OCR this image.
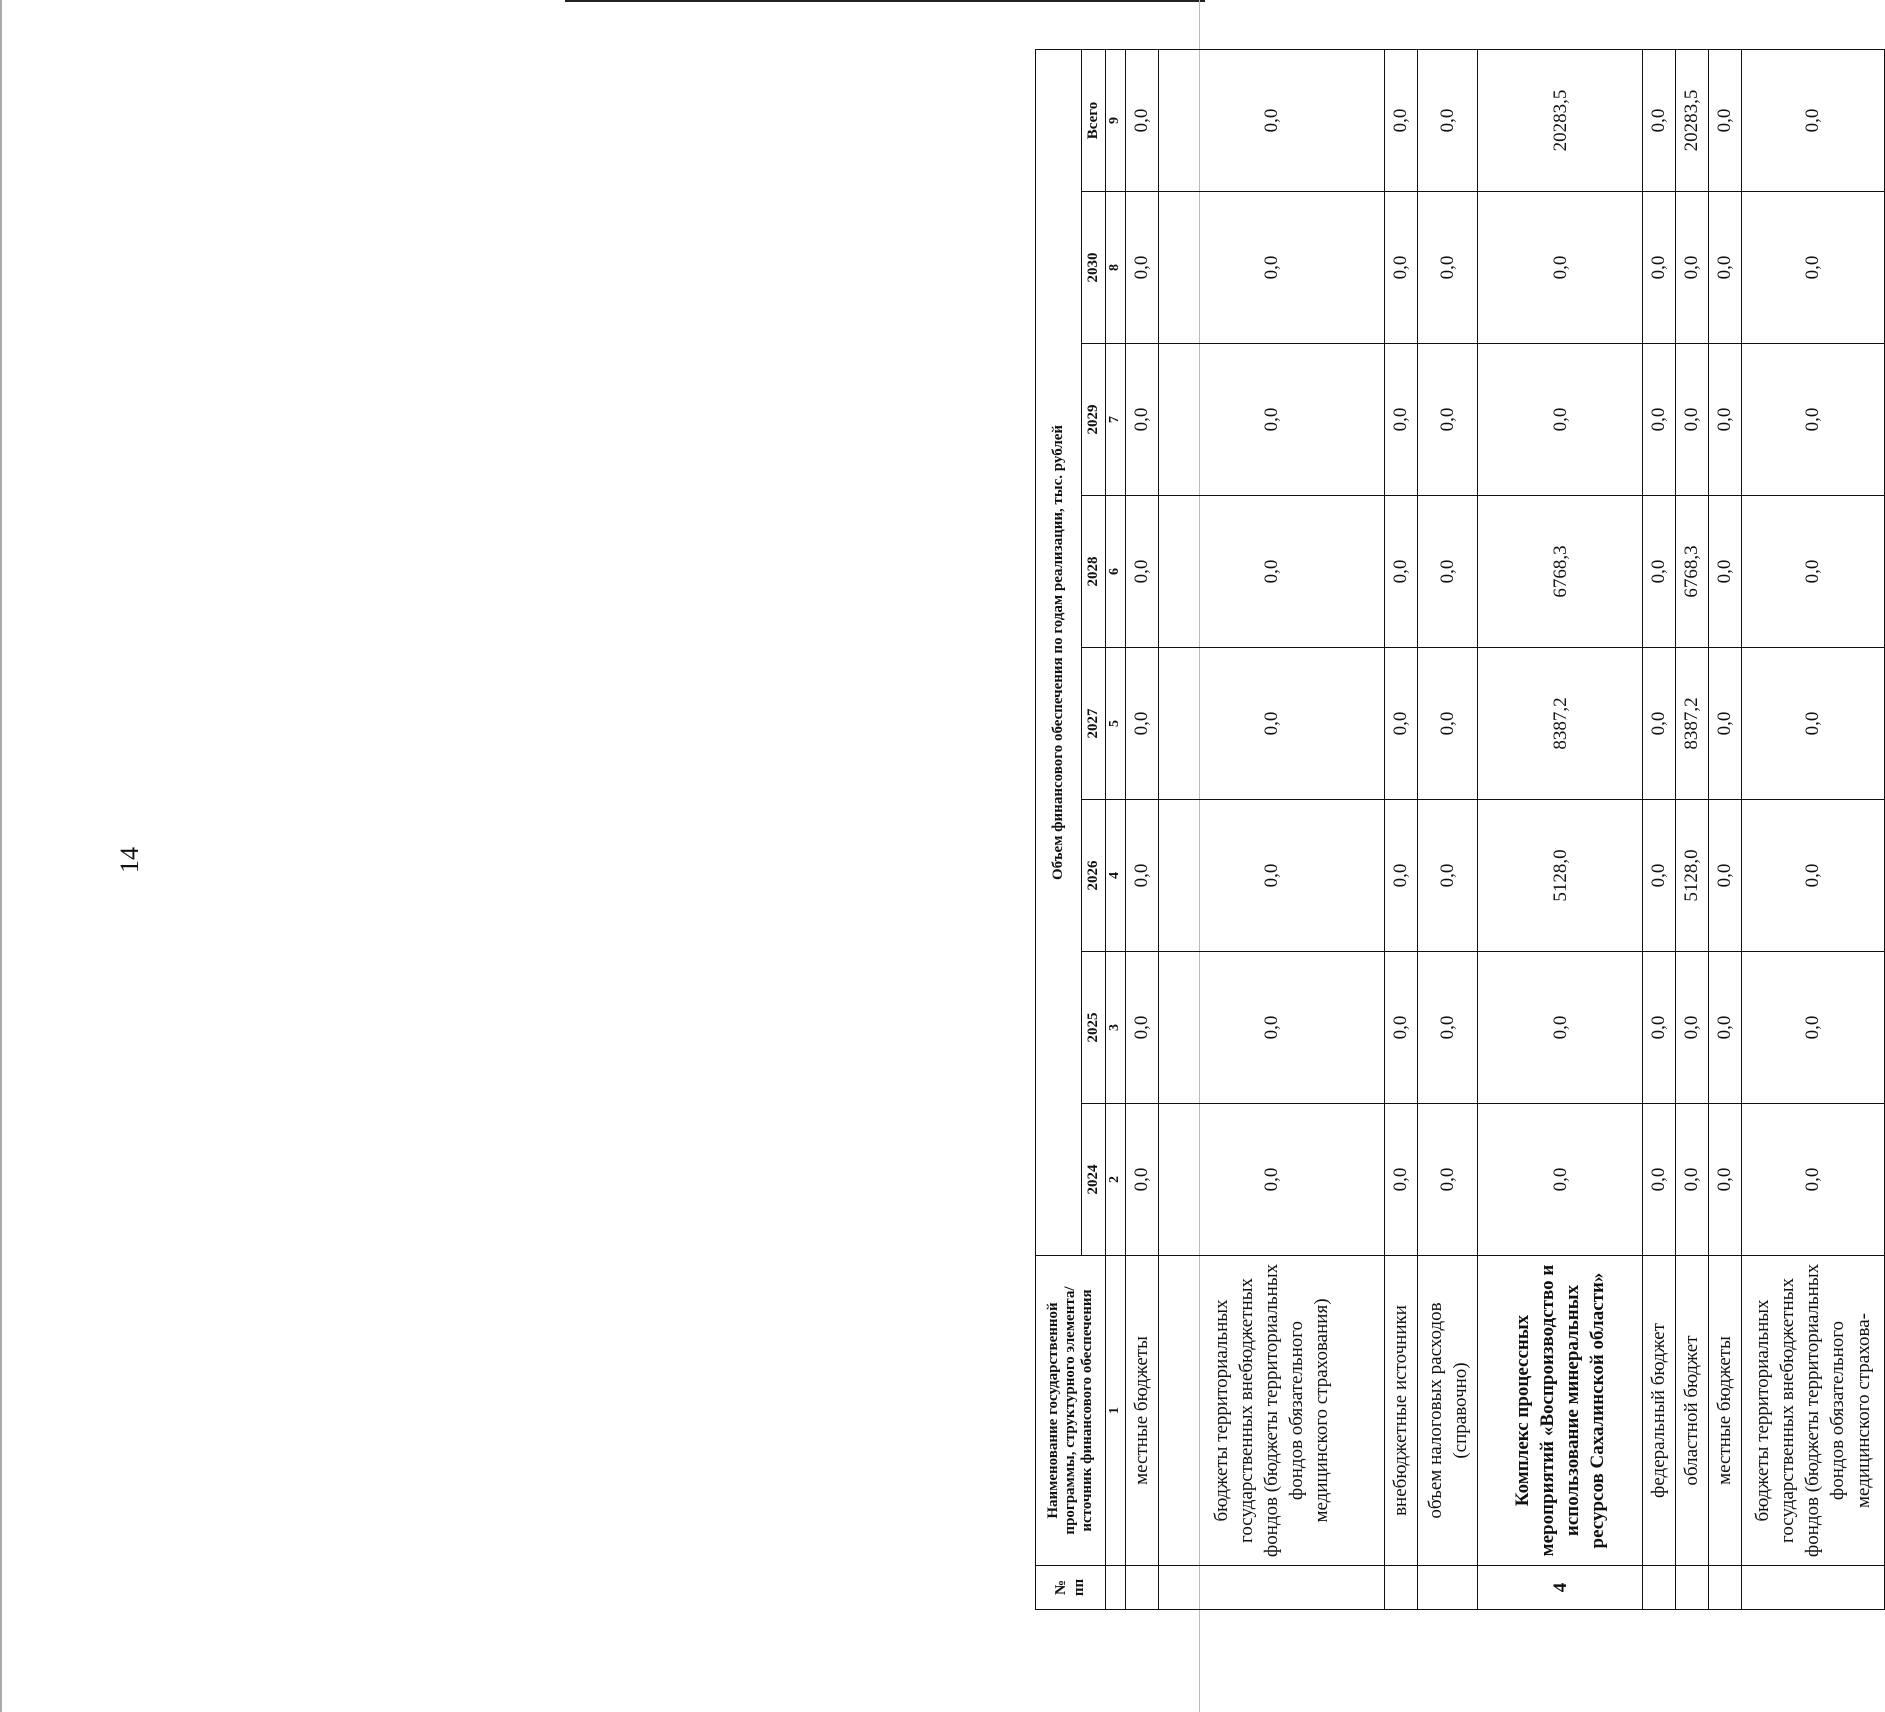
14
№ пп	Наименование государственной программы, структурного элемента/источник финансового обеспечения	Объем финансового обеспечения по годам реализации, тыс. рублей							
		2024	2025	2026	2027	2028	2029	2030	Всего
	1	2	3	4	5	6	7	8	9
	местные бюджеты	0,0	0,0	0,0	0,0	0,0	0,0	0,0	0,0
	бюджеты территориальных государственных внебюджетных фондов (бюджеты территориальных фондов обязательного медицинского страхования)	0,0	0,0	0,0	0,0	0,0	0,0	0,0	0,0
	внебюджетные источники	0,0	0,0	0,0	0,0	0,0	0,0	0,0	0,0
	объем налоговых расходов (справочно)	0,0	0,0	0,0	0,0	0,0	0,0	0,0	0,0
4	Комплекс процессных мероприятий «Воспроизводство и использование минеральных ресурсов Сахалинской области»	0,0	0,0	5128,0	8387,2	6768,3	0,0	0,0	20283,5
	федеральный бюджет	0,0	0,0	0,0	0,0	0,0	0,0	0,0	0,0
	областной бюджет	0,0	0,0	5128,0	8387,2	6768,3	0,0	0,0	20283,5
	местные бюджеты	0,0	0,0	0,0	0,0	0,0	0,0	0,0	0,0
	бюджеты территориальных государственных внебюджетных фондов (бюджеты территориальных фондов обязательного медицинского страхова-	0,0	0,0	0,0	0,0	0,0	0,0	0,0	0,0
